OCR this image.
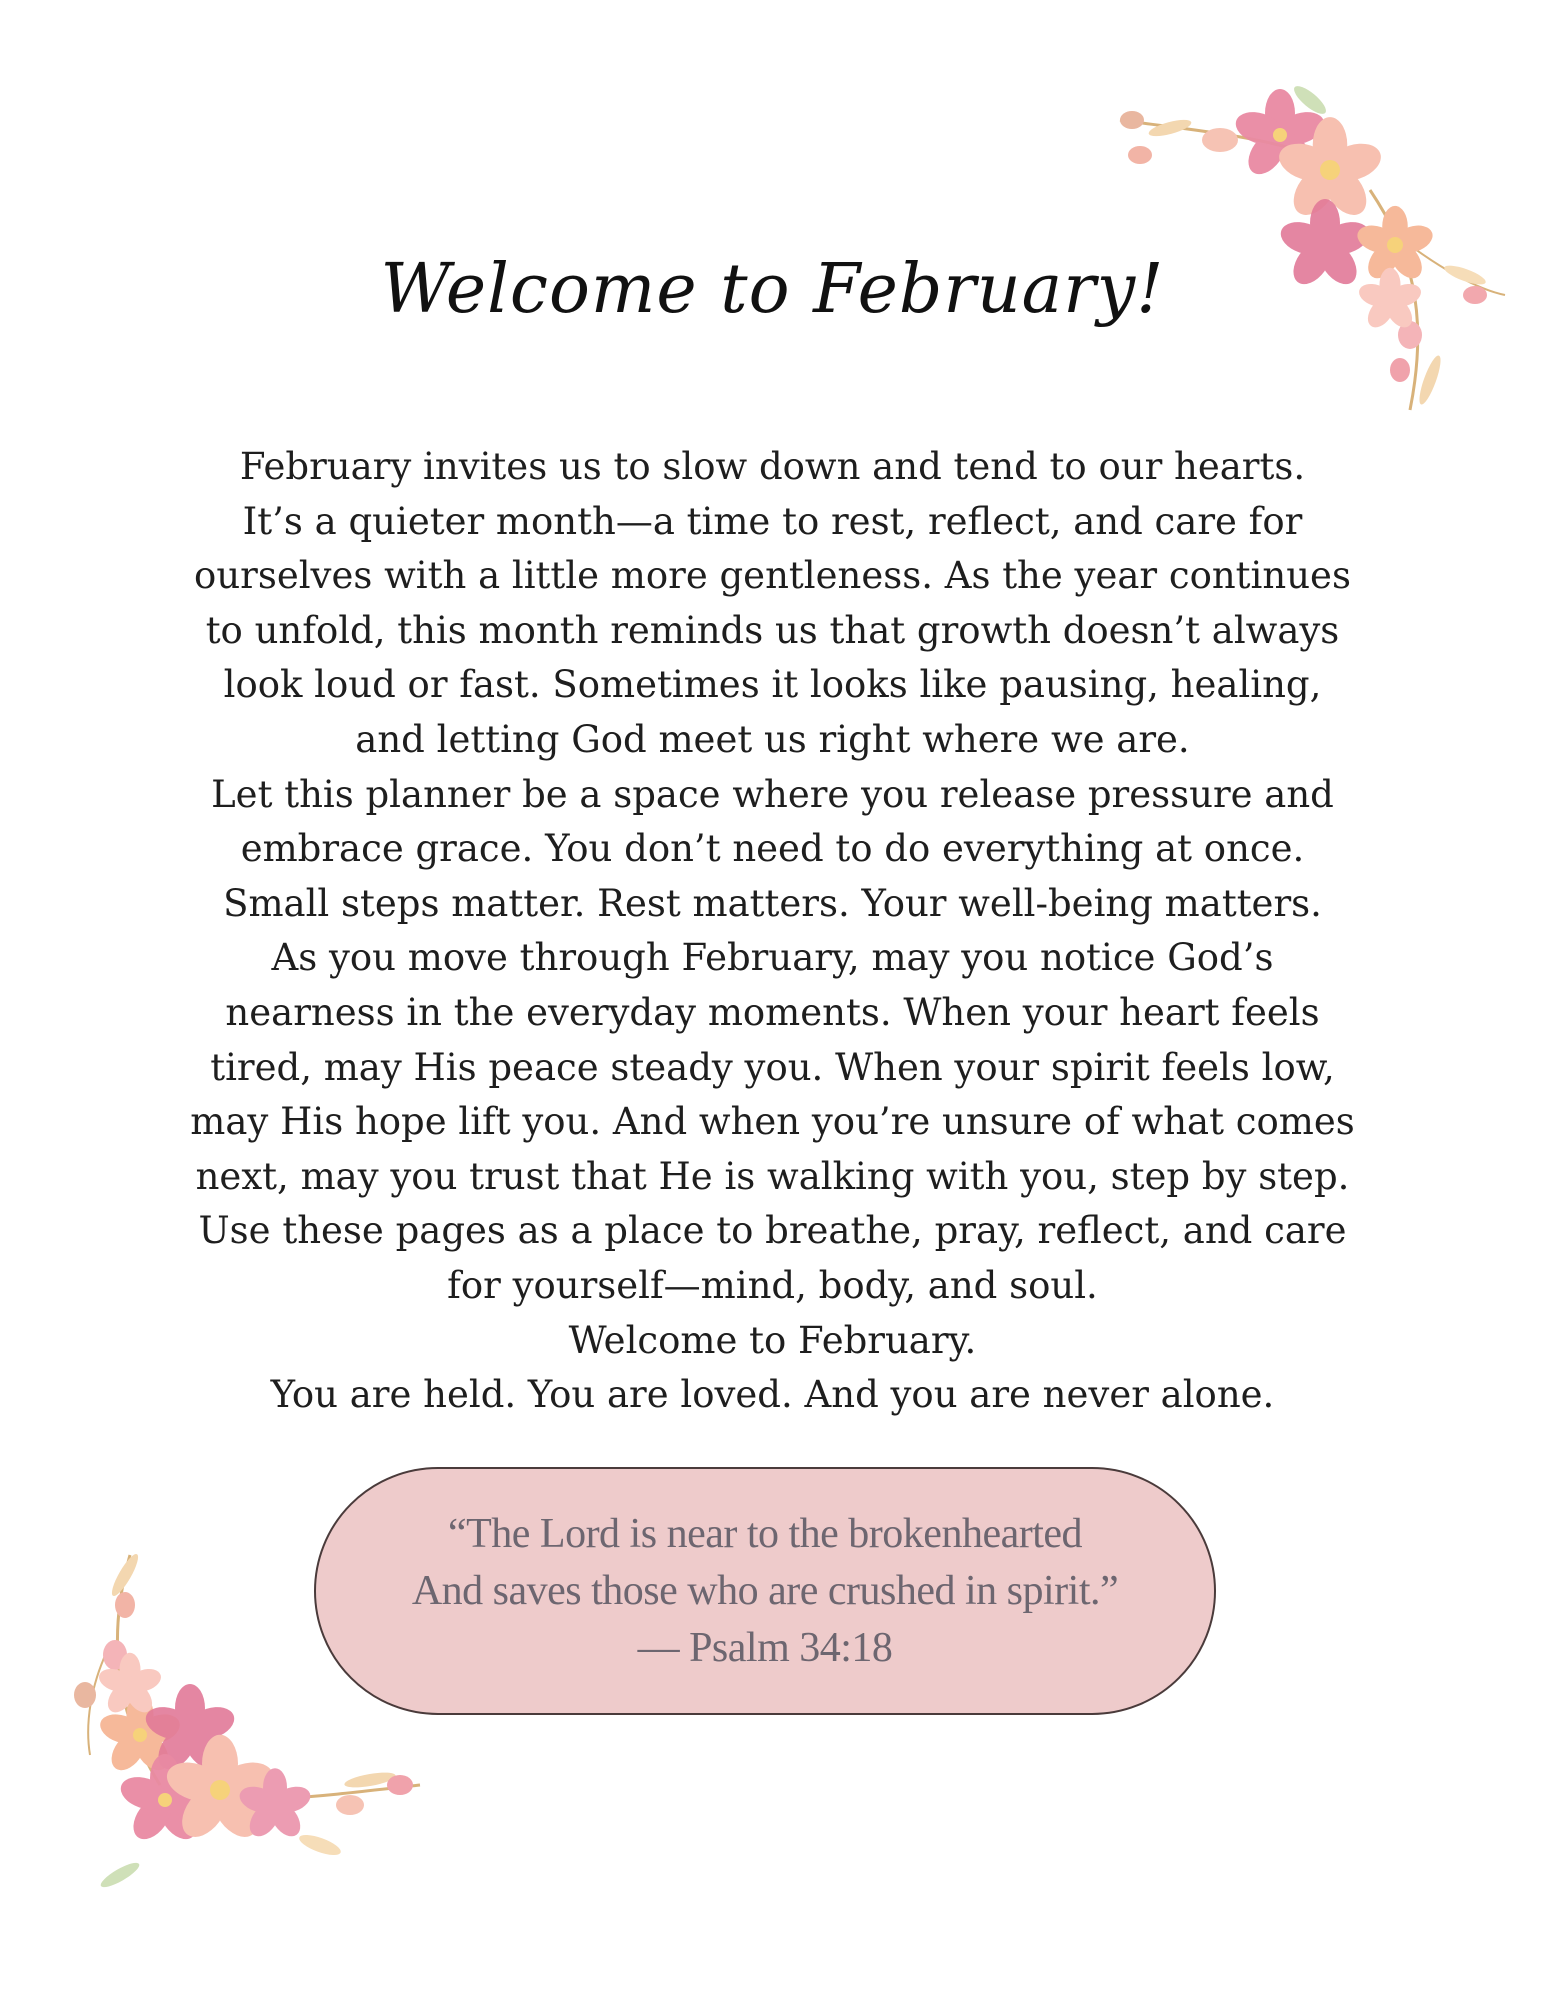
Welcome to February!
February invites us to slow down and tend to our hearts.
It’s a quieter month—a time to rest, reflect, and care for
ourselves with a little more gentleness. As the year continues
to unfold, this month reminds us that growth doesn’t always
look loud or fast. Sometimes it looks like pausing, healing,
and letting God meet us right where we are.
Let this planner be a space where you release pressure and
embrace grace. You don’t need to do everything at once.
Small steps matter. Rest matters. Your well-being matters.
As you move through February, may you notice God’s
nearness in the everyday moments. When your heart feels
tired, may His peace steady you. When your spirit feels low,
may His hope lift you. And when you’re unsure of what comes
next, may you trust that He is walking with you, step by step.
Use these pages as a place to breathe, pray, reflect, and care
for yourself—mind, body, and soul.
Welcome to February.
You are held. You are loved. And you are never alone.
“The Lord is near to the brokenhearted
And saves those who are crushed in spirit.”
— Psalm 34:18
